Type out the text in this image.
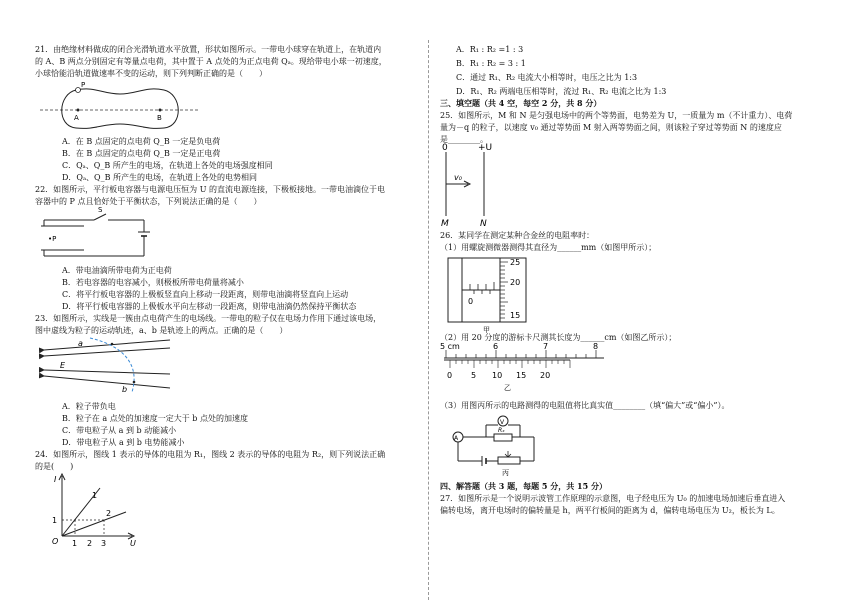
21．由绝缘材料做成的闭合光滑轨道水平放置，形状如图所示。一带电小球穿在轨道上，在轨道内
的 A、B 两点分别固定有等量点电荷，其中置于 A 点处的为正点电荷 Qₐ。现给带电小球一初速度，
小球恰能沿轨道做速率不变的运动，则下列判断正确的是（　　）
P
A	B
A．在 B 点固定的点电荷 Q_B 一定是负电荷
B．在 B 点固定的点电荷 Q_B 一定是正电荷
C．Qₐ、Q_B 所产生的电场，在轨道上各处的电场强度相同
D．Qₐ、Q_B 所产生的电场，在轨道上各处的电势相同
22．如图所示，平行板电容器与电源电压恒为 U 的直流电源连接，下极板接地。一带电油滴位于电
容器中的 P 点且恰好处于平衡状态，下列说法正确的是（　　）
S
•P
A．带电油滴所带电荷为正电荷
B．若电容器的电容减小，则极板所带电荷量将减小
C．将平行板电容器的上极板竖直向上移动一段距离，则带电油滴将竖直向上运动
D．将平行板电容器的上极板水平向左移动一段距离，则带电油滴仍然保持平衡状态
23．如图所示，实线是一簇由点电荷产生的电场线。一带电的粒子仅在电场力作用下通过该电场，
图中虚线为粒子的运动轨迹，a、b 是轨迹上的两点。正确的是（　　）
a
E
b
A．粒子带负电
B．粒子在 a 点处的加速度一定大于 b 点处的加速度
C．带电粒子从 a 到 b 动能减小
D．带电粒子从 a 到 b 电势能减小
24．如图所示，图线 1 表示的导体的电阻为 R₁，图线 2 表示的导体的电阻为 R₂，则下列说法正确
的是(　　)
I
U
O
1
2
1
1 2 3
A．R₁ : R₂ =1 : 3
B．R₁ : R₂ = 3 : 1
C．通过 R₁、R₂ 电流大小相等时，电压之比为 1:3
D．R₁、R₂ 两端电压相等时，流过 R₁、R₂ 电流之比为 1:3
三、填空题（共 4 空，每空 2 分，共 8 分）
25．如图所示，M 和 N 是匀强电场中的两个等势面，电势差为 U，一质量为 m（不计重力）、电荷
量为－q 的粒子，以速度 v₀ 通过等势面 M 射入两等势面之间，则该粒子穿过等势面 N 的速度应
是________。
0	+U
v₀
M	N
26．某同学在测定某种合金丝的电阻率时：
（1）用螺旋测微器测得其直径为______mm（如图甲所示）；
25
20
15
0
甲
（2）用 20 分度的游标卡尺测其长度为______cm（如图乙所示）；
5 cm	6	7	8
0 5 10 15 20
乙
（3）用图丙所示的电路测得的电阻值将比真实值________（填“偏大”或“偏小”）。
A
V
Rₓ
丙
四、解答题（共 3 题，每题 5 分，共 15 分）
27．如图所示是一个说明示波管工作原理的示意图，电子经电压为 U₀ 的加速电场加速后垂直进入
偏转电场，离开电场时的偏转量是 h，两平行板间的距离为 d，偏转电场电压为 U₂，板长为 L。
